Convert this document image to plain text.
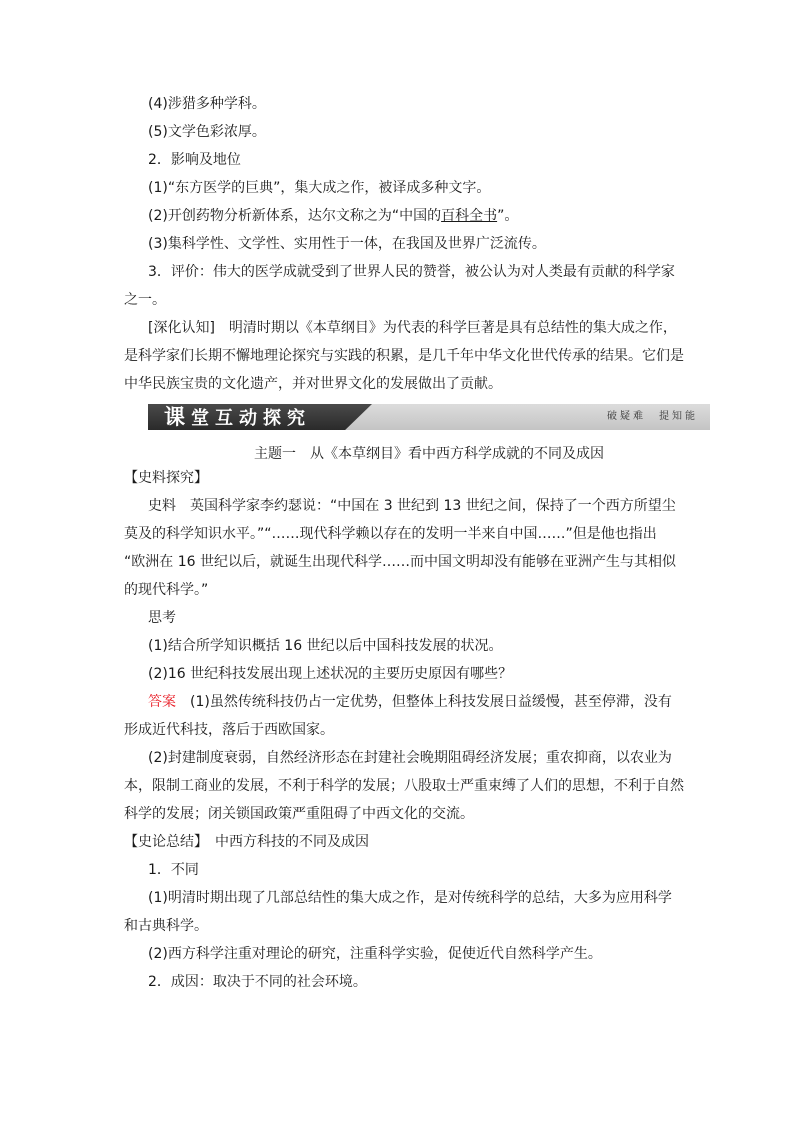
(4)涉猎多种学科。
(5)文学色彩浓厚。
2．影响及地位
(1)“东方医学的巨典”，集大成之作，被译成多种文字。
(2)开创药物分析新体系，达尔文称之为“中国的百科全书”。
(3)集科学性、文学性、实用性于一体，在我国及世界广泛流传。
3．评价：伟大的医学成就受到了世界人民的赞誉，被公认为对人类最有贡献的科学家
之一。
[深化认知]　明清时期以《本草纲目》为代表的科学巨著是具有总结性的集大成之作，
是科学家们长期不懈地理论探究与实践的积累，是几千年中华文化世代传承的结果。它们是
中华民族宝贵的文化遗产，并对世界文化的发展做出了贡献。
课堂互动探究	破疑难　提知能
主题一　从《本草纲目》看中西方科学成就的不同及成因
【史料探究】
史料　英国科学家李约瑟说：“中国在 3 世纪到 13 世纪之间，保持了一个西方所望尘
莫及的科学知识水平。”“……现代科学赖以存在的发明一半来自中国……”但是他也指出
“欧洲在 16 世纪以后，就诞生出现代科学……而中国文明却没有能够在亚洲产生与其相似
的现代科学。”
思考
(1)结合所学知识概括 16 世纪以后中国科技发展的状况。
(2)16 世纪科技发展出现上述状况的主要历史原因有哪些？
答案　(1)虽然传统科技仍占一定优势，但整体上科技发展日益缓慢，甚至停滞，没有
形成近代科技，落后于西欧国家。
(2)封建制度衰弱，自然经济形态在封建社会晚期阻碍经济发展；重农抑商，以农业为
本，限制工商业的发展，不利于科学的发展；八股取士严重束缚了人们的思想，不利于自然
科学的发展；闭关锁国政策严重阻碍了中西文化的交流。
【史论总结】　中西方科技的不同及成因
1．不同
(1)明清时期出现了几部总结性的集大成之作，是对传统科学的总结，大多为应用科学
和古典科学。
(2)西方科学注重对理论的研究，注重科学实验，促使近代自然科学产生。
2．成因：取决于不同的社会环境。
